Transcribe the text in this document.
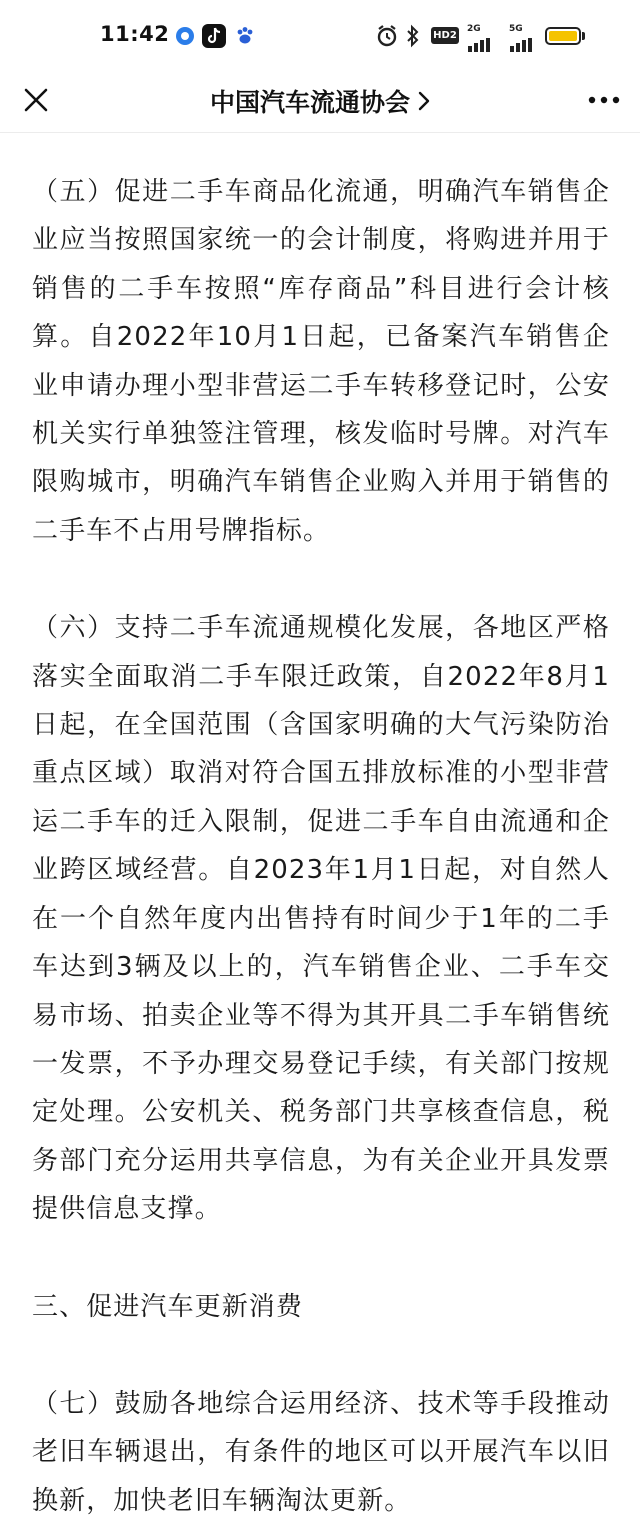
11:42	HD2
2G	5G
中国汽车流通协会

（五）促进二手车商品化流通，明确汽车销售企业应当按照国家统一的会计制度，将购进并用于销售的二手车按照“库存商品”科目进行会计核算。自2022年10月1日起，已备案汽车销售企业申请办理小型非营运二手车转移登记时，公安机关实行单独签注管理，核发临时号牌。对汽车限购城市，明确汽车销售企业购入并用于销售的二手车不占用号牌指标。

（六）支持二手车流通规模化发展，各地区严格落实全面取消二手车限迁政策，自2022年8月1日起，在全国范围（含国家明确的大气污染防治重点区域）取消对符合国五排放标准的小型非营运二手车的迁入限制，促进二手车自由流通和企业跨区域经营。自2023年1月1日起，对自然人在一个自然年度内出售持有时间少于1年的二手车达到3辆及以上的，汽车销售企业、二手车交易市场、拍卖企业等不得为其开具二手车销售统一发票，不予办理交易登记手续，有关部门按规定处理。公安机关、税务部门共享核查信息，税务部门充分运用共享信息，为有关企业开具发票提供信息支撑。

三、促进汽车更新消费

（七）鼓励各地综合运用经济、技术等手段推动老旧车辆退出，有条件的地区可以开展汽车以旧换新，加快老旧车辆淘汰更新。
